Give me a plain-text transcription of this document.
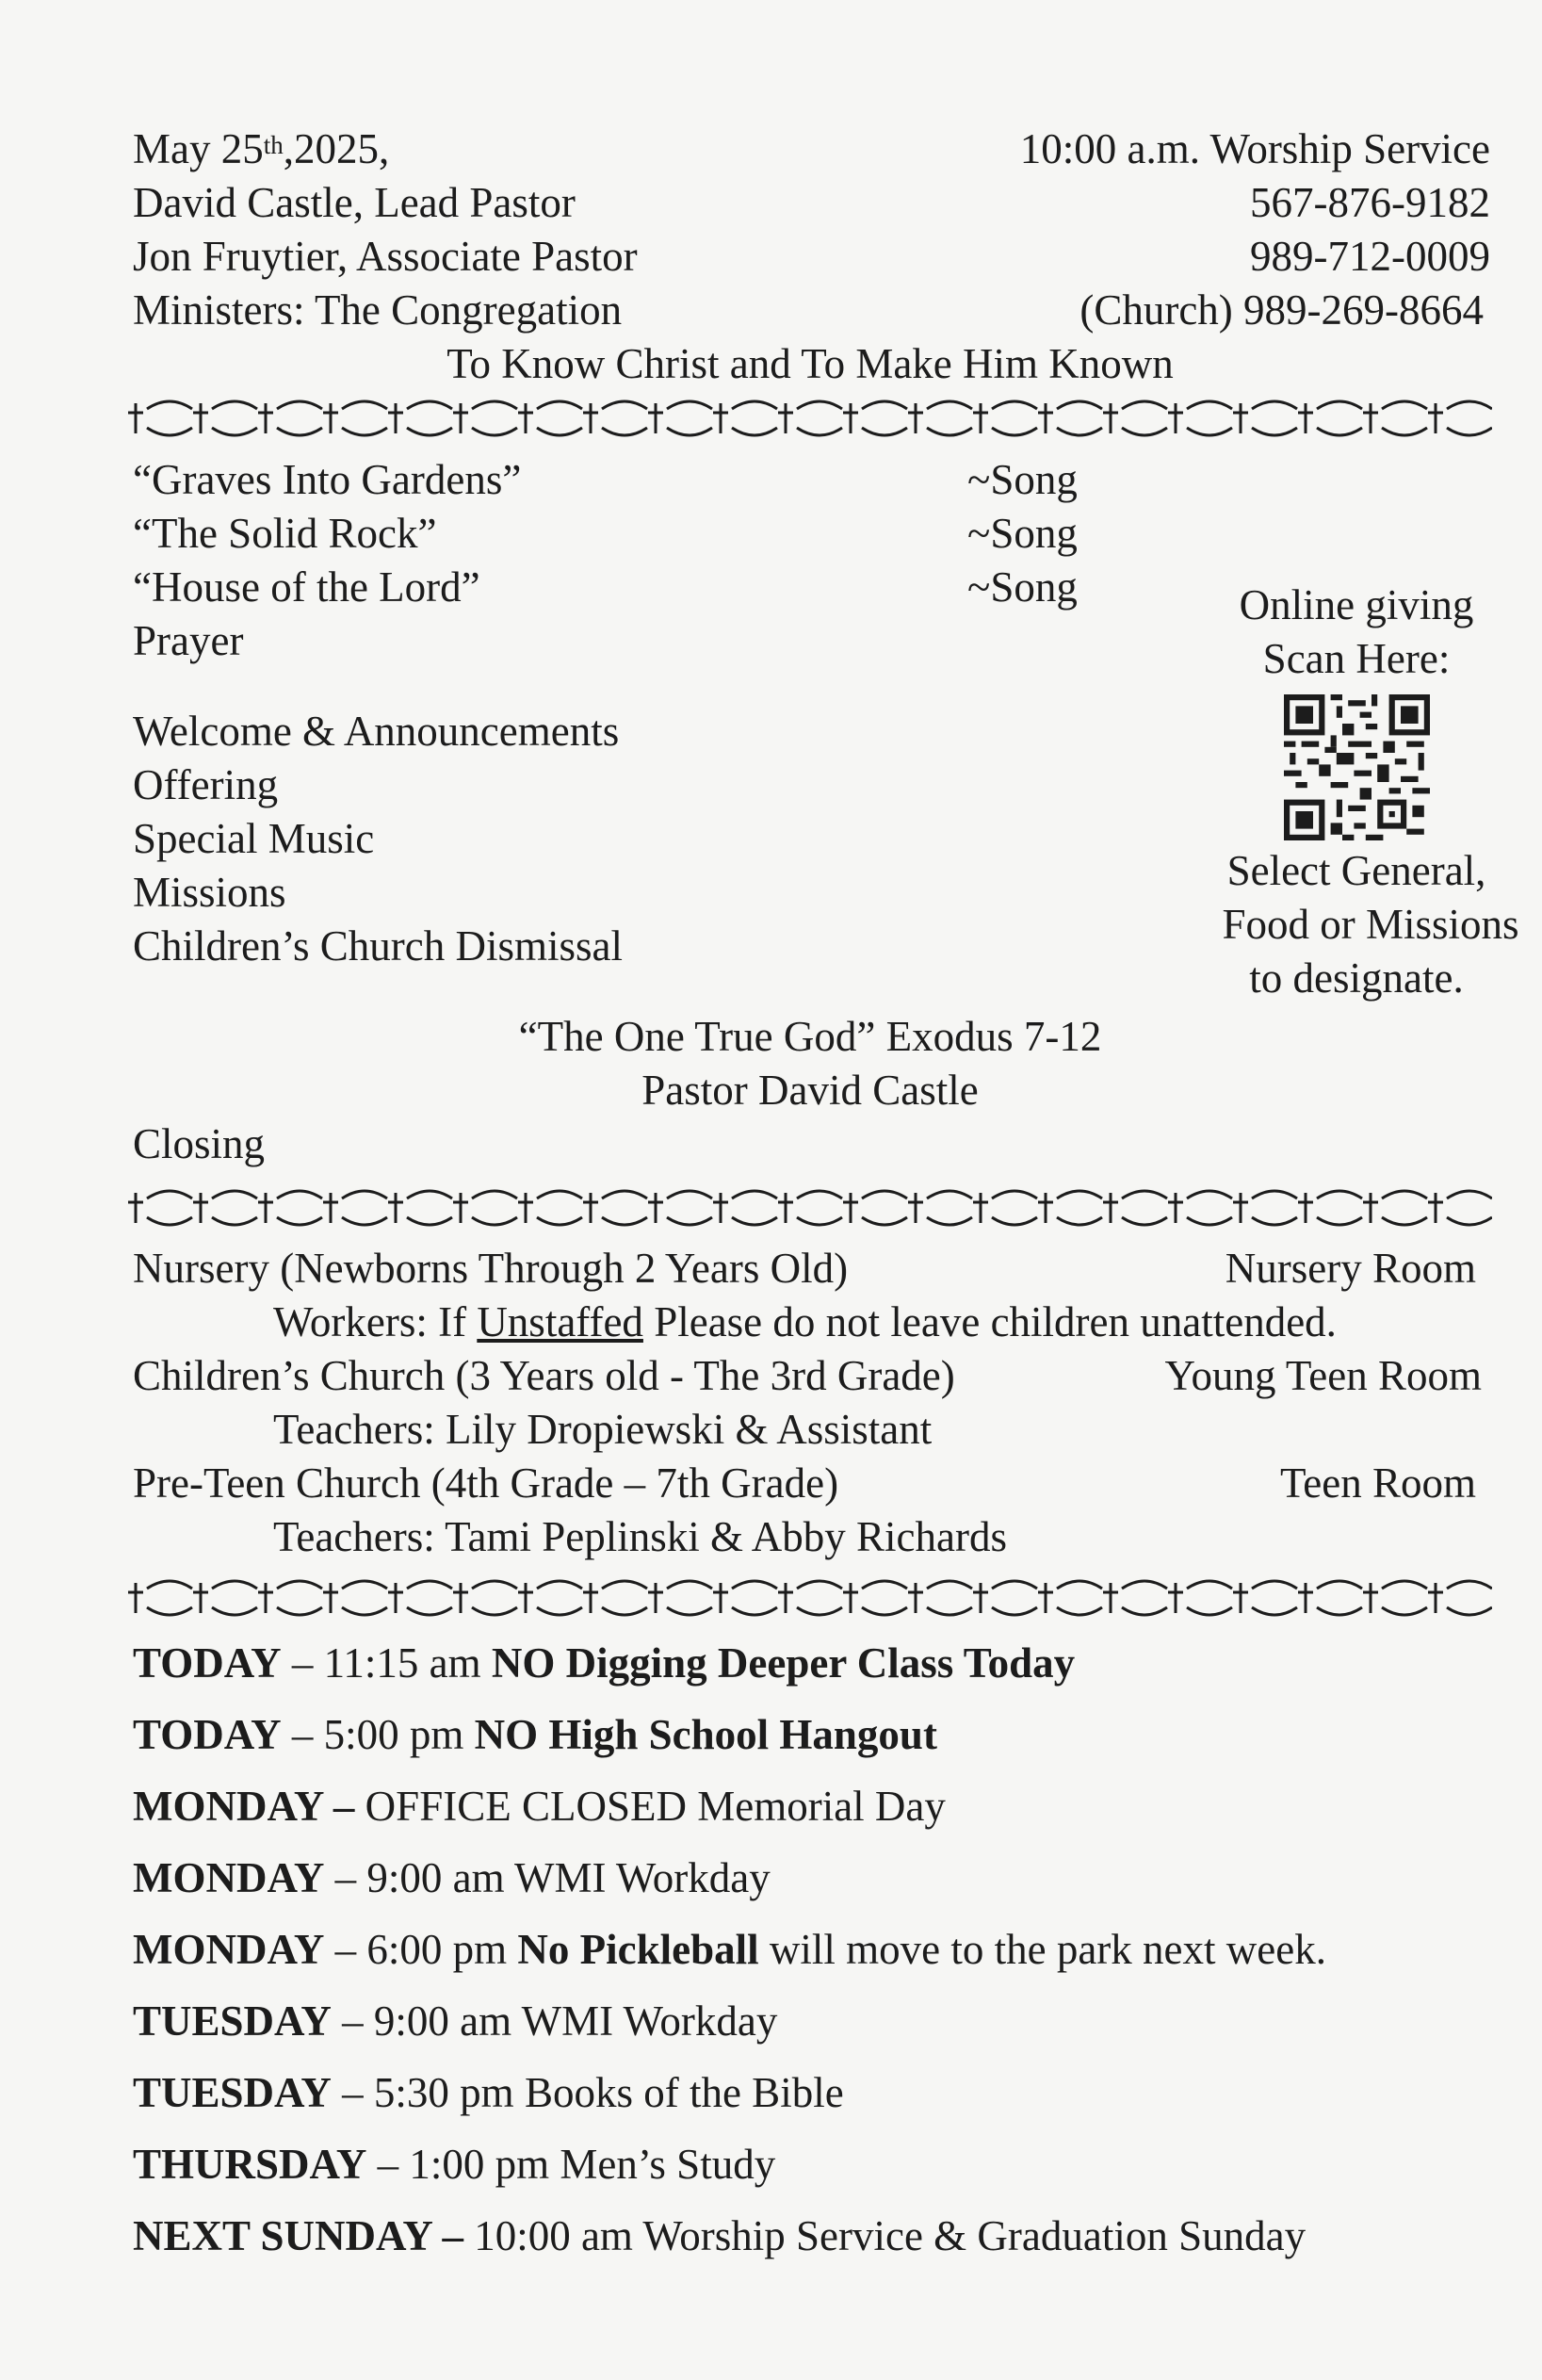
May 25th,2025,	10:00 a.m. Worship Service
David Castle, Lead Pastor	567-876-9182
Jon Fruytier, Associate Pastor	989-712-0009
Ministers: The Congregation	(Church) 989-269-8664
To Know Christ and To Make Him Known
“Graves Into Gardens”	~Song
“The Solid Rock”	~Song
“House of the Lord”	~Song
Prayer
Welcome & Announcements
Offering
Special Music
Missions
Children’s Church Dismissal
Online giving
Scan Here:
Select General,
Food or Missions
to designate.
“The One True God” Exodus 7-12
Pastor David Castle
Closing
Nursery (Newborns Through 2 Years Old)	Nursery Room
Workers: If Unstaffed Please do not leave children unattended.
Children’s Church (3 Years old - The 3rd Grade)	Young Teen Room
Teachers: Lily Dropiewski & Assistant
Pre-Teen Church (4th Grade – 7th Grade)	Teen Room
Teachers: Tami Peplinski & Abby Richards
TODAY – 11:15 am NO Digging Deeper Class Today
TODAY – 5:00 pm NO High School Hangout
MONDAY – OFFICE CLOSED Memorial Day
MONDAY – 9:00 am WMI Workday
MONDAY – 6:00 pm No Pickleball will move to the park next week.
TUESDAY – 9:00 am WMI Workday
TUESDAY – 5:30 pm Books of the Bible
THURSDAY – 1:00 pm Men’s Study
NEXT SUNDAY – 10:00 am Worship Service & Graduation Sunday
